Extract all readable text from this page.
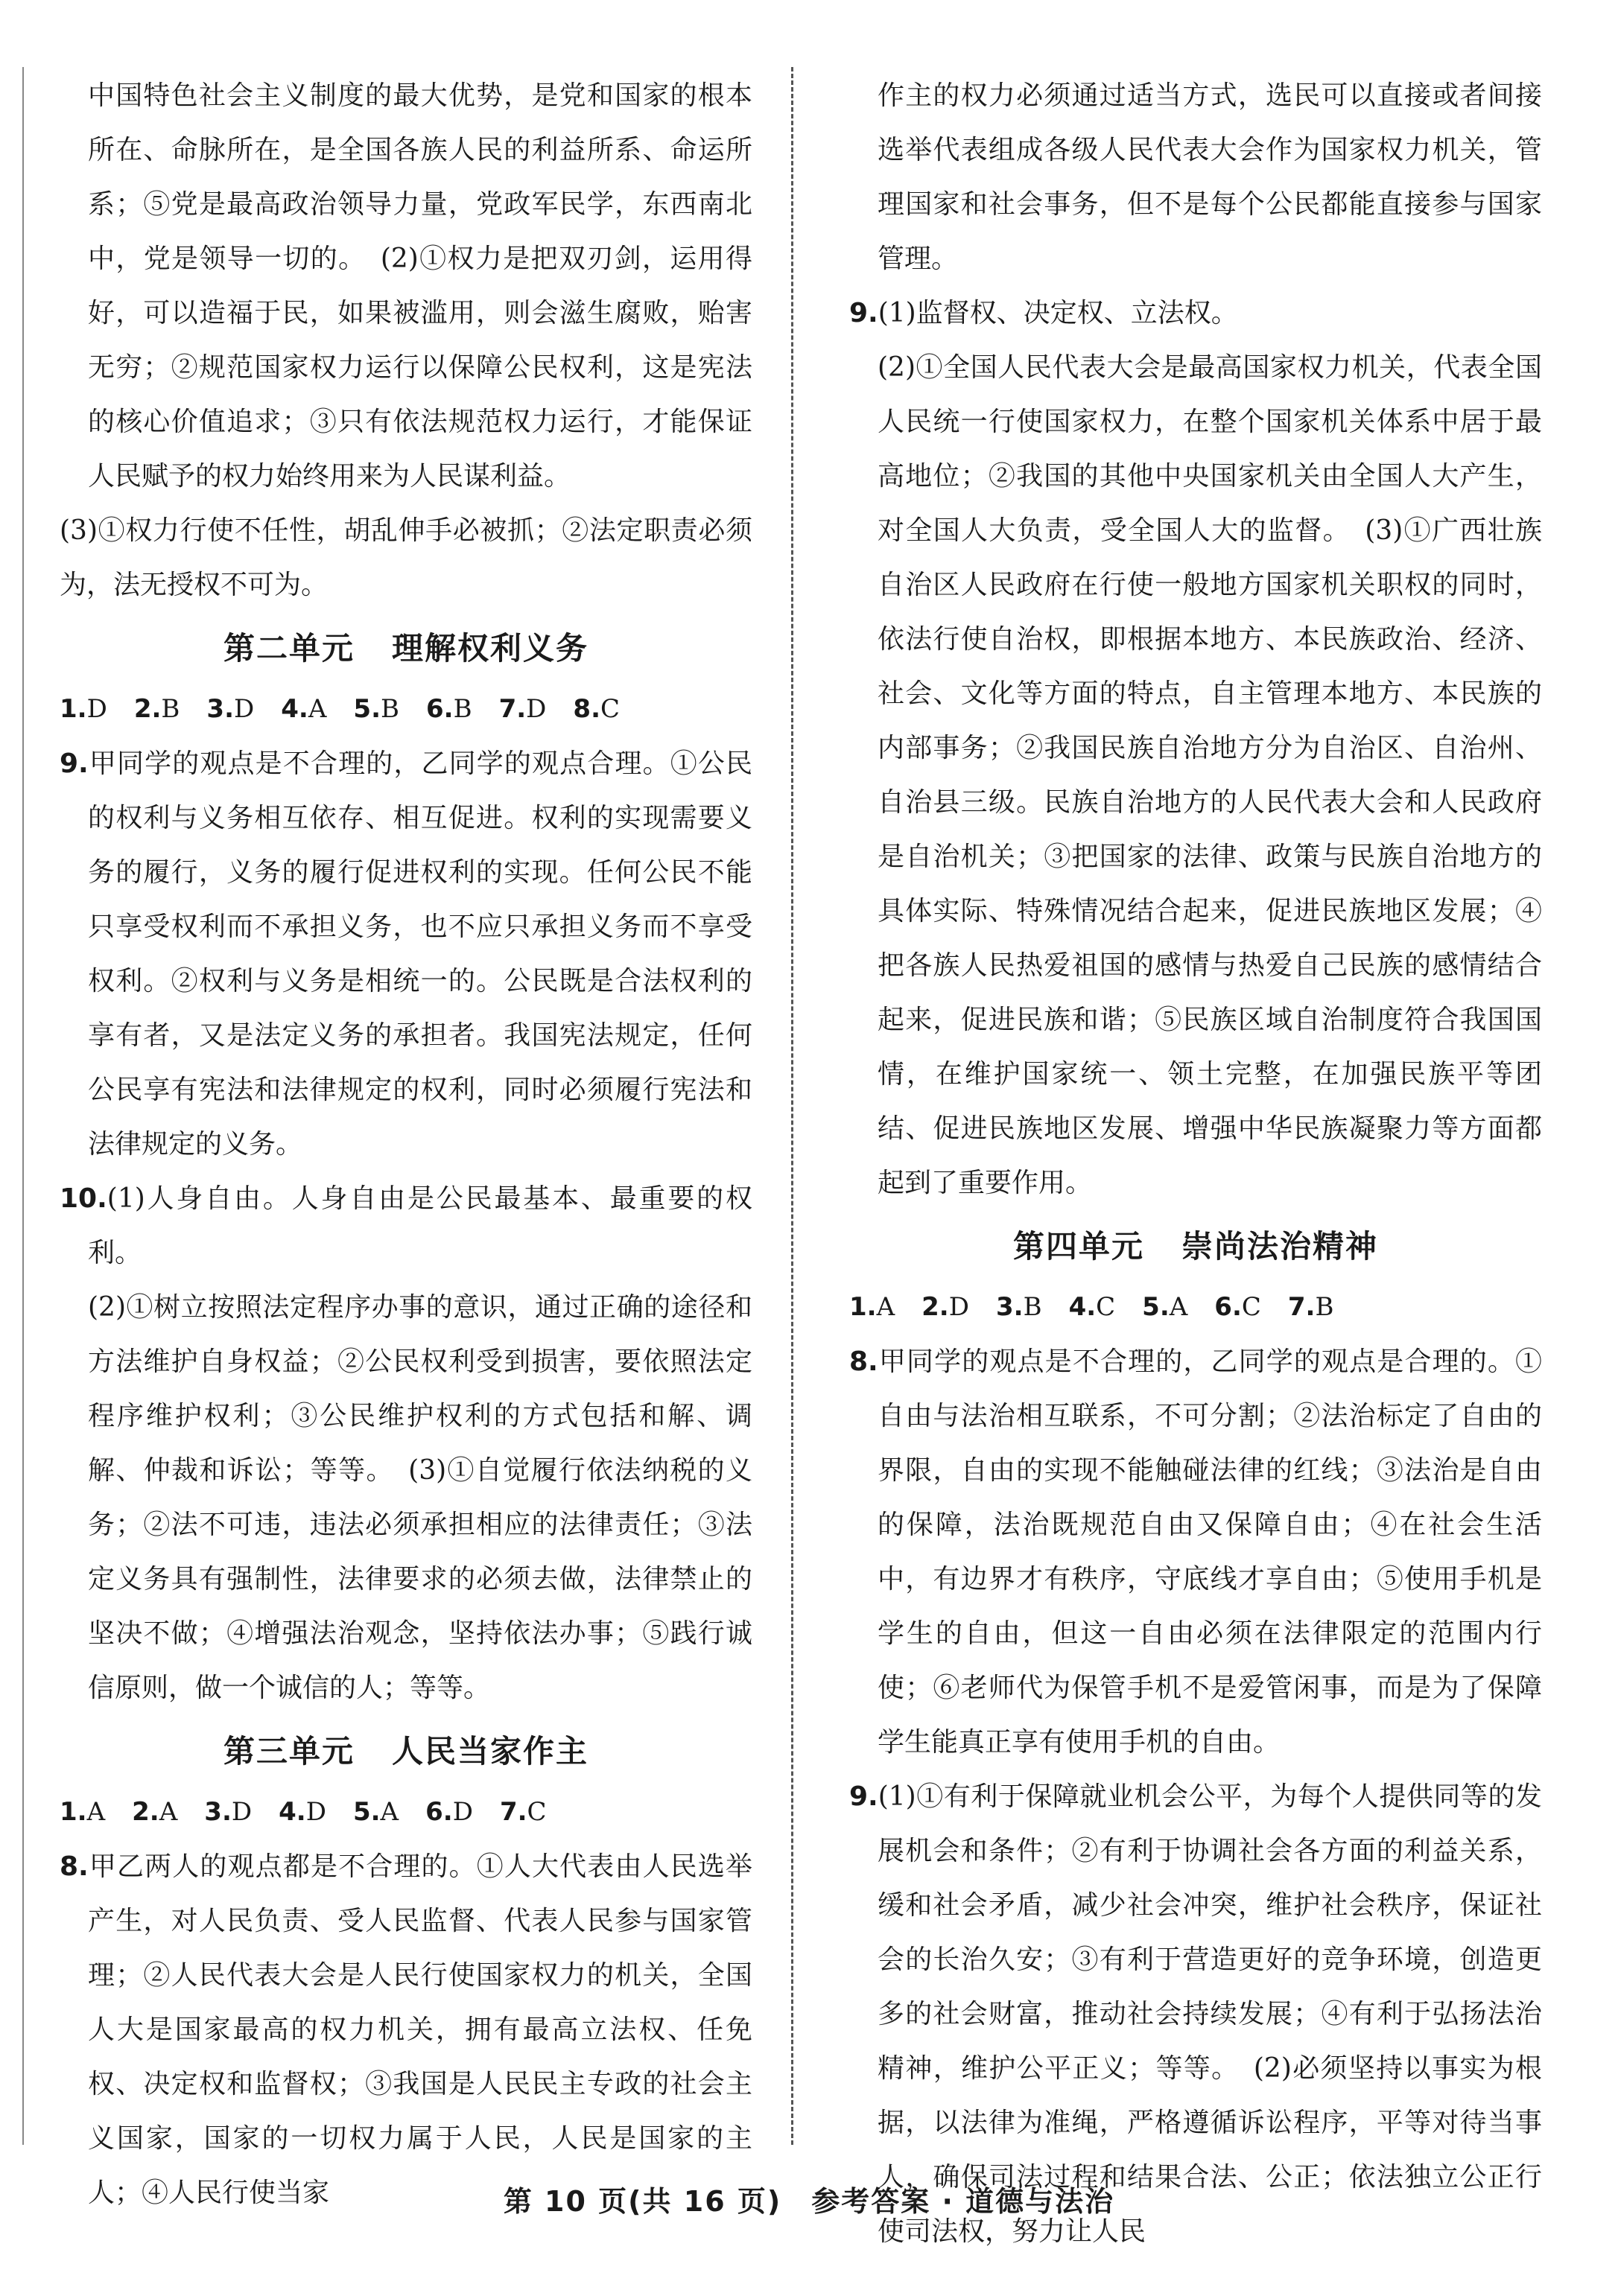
中国特色社会主义制度的最大优势，是党和国家的根本所在、命脉所在，是全国各族人民的利益所系、命运所系；⑤党是最高政治领导力量，党政军民学，东西南北中，党是领导一切的。　(2)①权力是把双刃剑，运用得好，可以造福于民，如果被滥用，则会滋生腐败，贻害无穷；②规范国家权力运行以保障公民权利，这是宪法的核心价值追求；③只有依法规范权力运行，才能保证人民赋予的权力始终用来为人民谋利益。

(3)①权力行使不任性，胡乱伸手必被抓；②法定职责必须为，法无授权不可为。

第二单元 理解权利义务

1.D 2.B 3.D 4.A 5.B 6.B 7.D 8.C

9.甲同学的观点是不合理的，乙同学的观点合理。①公民的权利与义务相互依存、相互促进。权利的实现需要义务的履行，义务的履行促进权利的实现。任何公民不能只享受权利而不承担义务，也不应只承担义务而不享受权利。②权利与义务是相统一的。公民既是合法权利的享有者，又是法定义务的承担者。我国宪法规定，任何公民享有宪法和法律规定的权利，同时必须履行宪法和法律规定的义务。

10.(1)人身自由。人身自由是公民最基本、最重要的权利。

(2)①树立按照法定程序办事的意识，通过正确的途径和方法维护自身权益；②公民权利受到损害，要依照法定程序维护权利；③公民维护权利的方式包括和解、调解、仲裁和诉讼；等等。　(3)①自觉履行依法纳税的义务；②法不可违，违法必须承担相应的法律责任；③法定义务具有强制性，法律要求的必须去做，法律禁止的坚决不做；④增强法治观念，坚持依法办事；⑤践行诚信原则，做一个诚信的人；等等。

第三单元 人民当家作主

1.A 2.A 3.D 4.D 5.A 6.D 7.C

8.甲乙两人的观点都是不合理的。①人大代表由人民选举产生，对人民负责、受人民监督、代表人民参与国家管理；②人民代表大会是人民行使国家权力的机关，全国人大是国家最高的权力机关，拥有最高立法权、任免权、决定权和监督权；③我国是人民民主专政的社会主义国家，国家的一切权力属于人民，人民是国家的主人；④人民行使当家

作主的权力必须通过适当方式，选民可以直接或者间接选举代表组成各级人民代表大会作为国家权力机关，管理国家和社会事务，但不是每个公民都能直接参与国家管理。

9.(1)监督权、决定权、立法权。

(2)①全国人民代表大会是最高国家权力机关，代表全国人民统一行使国家权力，在整个国家机关体系中居于最高地位；②我国的其他中央国家机关由全国人大产生，对全国人大负责，受全国人大的监督。　(3)①广西壮族自治区人民政府在行使一般地方国家机关职权的同时，依法行使自治权，即根据本地方、本民族政治、经济、社会、文化等方面的特点，自主管理本地方、本民族的内部事务；②我国民族自治地方分为自治区、自治州、自治县三级。民族自治地方的人民代表大会和人民政府是自治机关；③把国家的法律、政策与民族自治地方的具体实际、特殊情况结合起来，促进民族地区发展；④把各族人民热爱祖国的感情与热爱自己民族的感情结合起来，促进民族和谐；⑤民族区域自治制度符合我国国情，在维护国家统一、领土完整，在加强民族平等团结、促进民族地区发展、增强中华民族凝聚力等方面都起到了重要作用。

第四单元 崇尚法治精神

1.A 2.D 3.B 4.C 5.A 6.C 7.B

8.甲同学的观点是不合理的，乙同学的观点是合理的。①自由与法治相互联系，不可分割；②法治标定了自由的界限，自由的实现不能触碰法律的红线；③法治是自由的保障，法治既规范自由又保障自由；④在社会生活中，有边界才有秩序，守底线才享自由；⑤使用手机是学生的自由，但这一自由必须在法律限定的范围内行使；⑥老师代为保管手机不是爱管闲事，而是为了保障学生能真正享有使用手机的自由。

9.(1)①有利于保障就业机会公平，为每个人提供同等的发展机会和条件；②有利于协调社会各方面的利益关系，缓和社会矛盾，减少社会冲突，维护社会秩序，保证社会的长治久安；③有利于营造更好的竞争环境，创造更多的社会财富，推动社会持续发展；④有利于弘扬法治精神，维护公平正义；等等。　(2)必须坚持以事实为根据，以法律为准绳，严格遵循诉讼程序，平等对待当事人，确保司法过程和结果合法、公正；依法独立公正行使司法权，努力让人民

第 10 页(共 16 页) 参考答案 · 道德与法治
